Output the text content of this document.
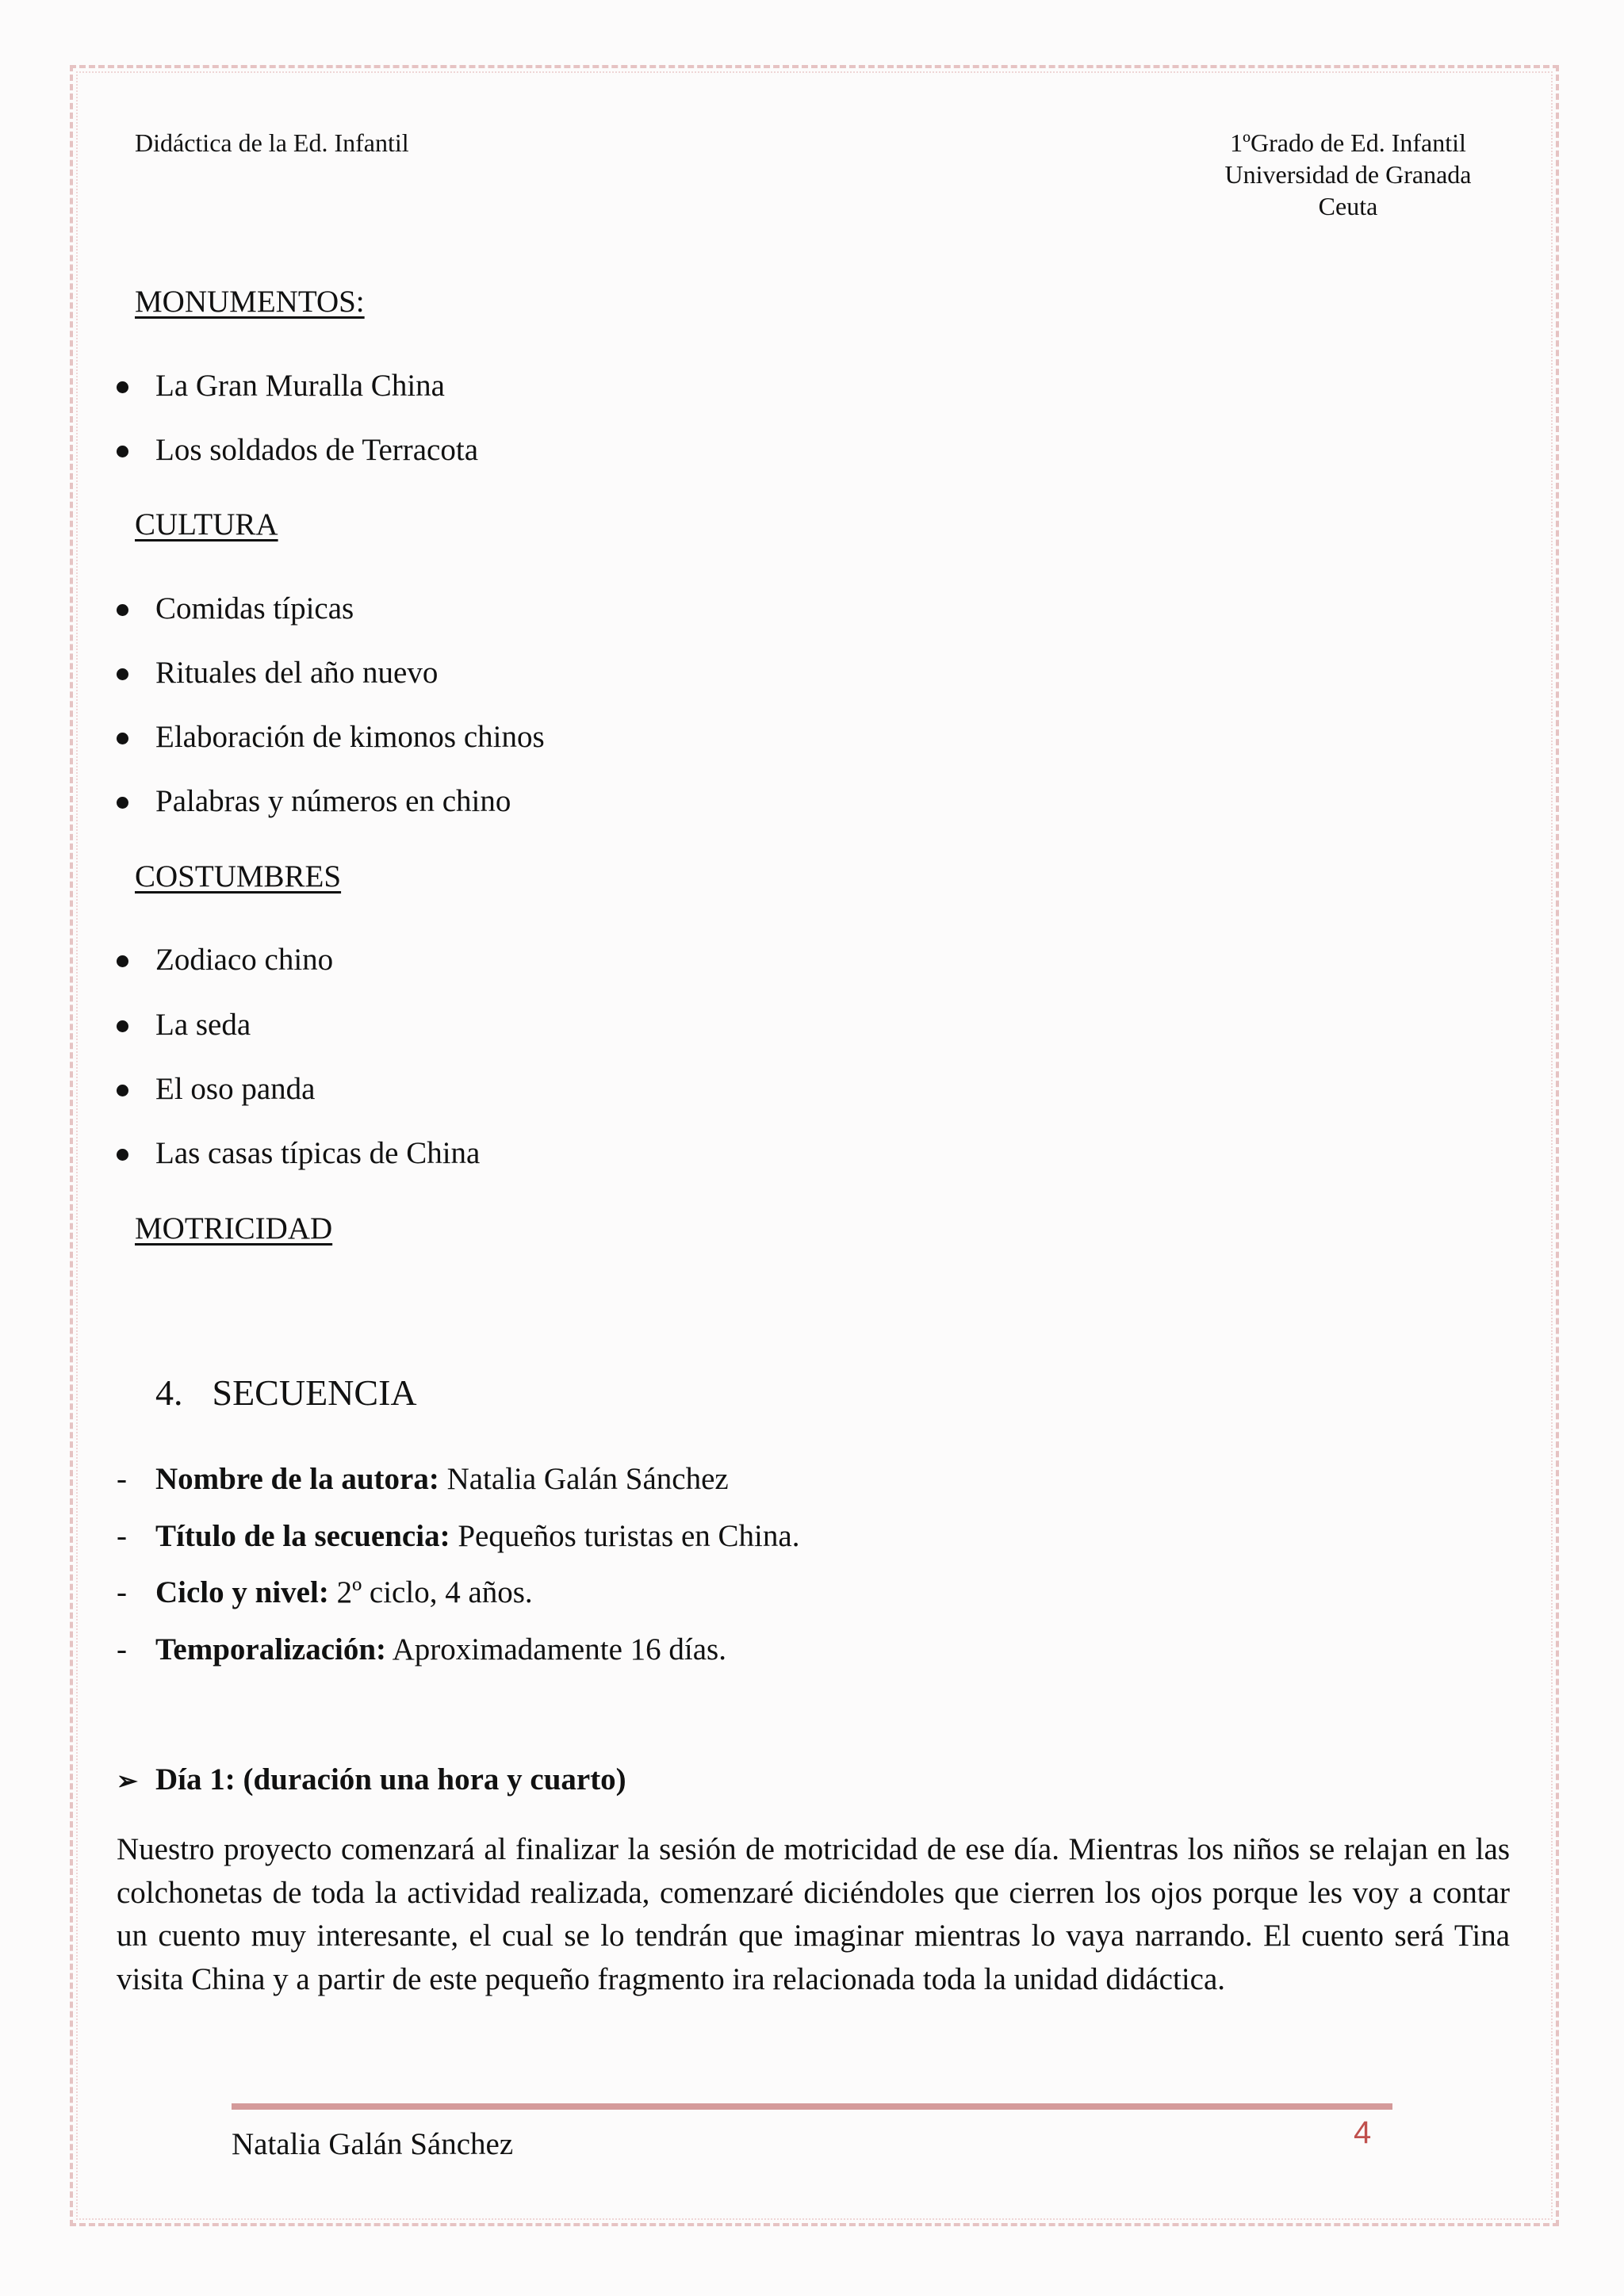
Didáctica de la Ed. Infantil	1ºGrado de Ed. Infantil
Universidad de Granada
Ceuta
MONUMENTOS:
La Gran Muralla China
Los soldados de Terracota
CULTURA
Comidas típicas
Rituales del año nuevo
Elaboración de kimonos chinos
Palabras y números en chino
COSTUMBRES
Zodiaco chino
La seda
El oso panda
Las casas típicas de China
MOTRICIDAD
4. SECUENCIA
- Nombre de la autora: Natalia Galán Sánchez
- Título de la secuencia: Pequeños turistas en China.
- Ciclo y nivel: 2º ciclo, 4 años.
- Temporalización: Aproximadamente 16 días.
➢ Día 1: (duración una hora y cuarto)
Nuestro proyecto comenzará al finalizar la sesión de motricidad de ese día. Mientras los niños se relajan en las colchonetas de toda la actividad realizada, comenzaré diciéndoles que cierren los ojos porque les voy a contar un cuento muy interesante, el cual se lo tendrán que imaginar mientras lo vaya narrando. El cuento será Tina visita China y a partir de este pequeño fragmento ira relacionada toda la unidad didáctica.
Natalia Galán Sánchez	4
